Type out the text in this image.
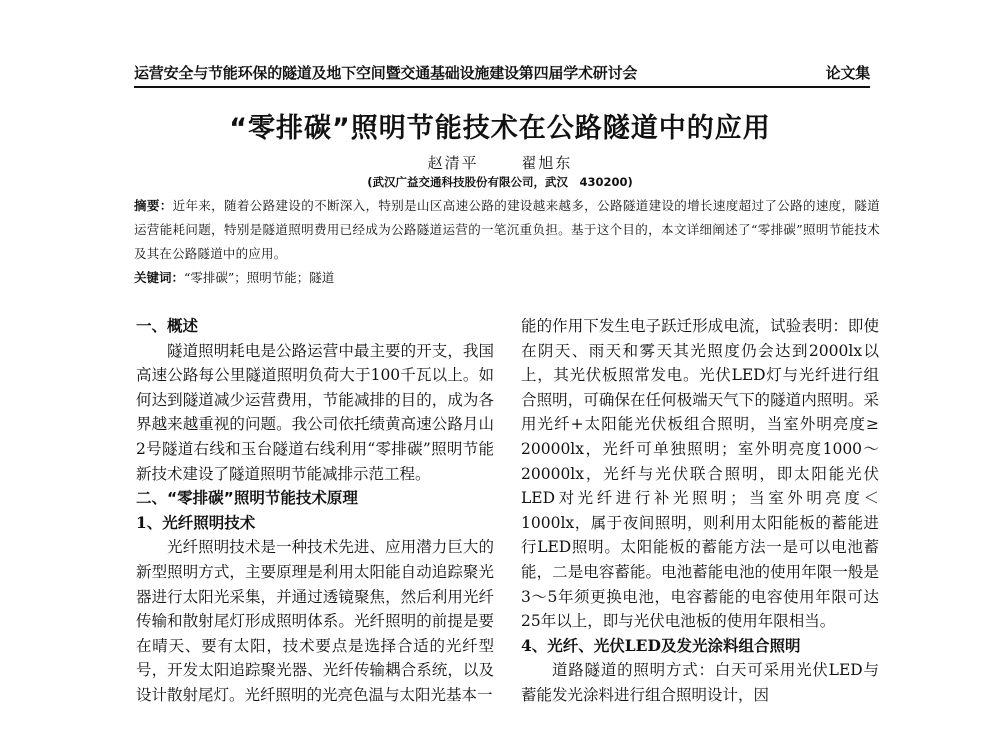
运营安全与节能环保的隧道及地下空间暨交通基础设施建设第四届学术研讨会	论文集
“零排碳”照明节能技术在公路隧道中的应用
赵清平	翟旭东
(武汉广益交通科技股份有限公司，武汉　430200)
摘要：近年来，随着公路建设的不断深入，特别是山区高速公路的建设越来越多，公路隧道建设的增长速度超过了公路的速度，隧道运营能耗问题，特别是隧道照明费用已经成为公路隧道运营的一笔沉重负担。基于这个目的，本文详细阐述了“零排碳”照明节能技术及其在公路隧道中的应用。
关键词：“零排碳”；照明节能；隧道
一、概述

隧道照明耗电是公路运营中最主要的开支，我国高速公路每公里隧道照明负荷大于100千瓦以上。如何达到隧道减少运营费用，节能减排的目的，成为各界越来越重视的问题。我公司依托绩黄高速公路月山2号隧道右线和玉台隧道右线利用“零排碳”照明节能新技术建设了隧道照明节能减排示范工程。

二、“零排碳”照明节能技术原理
1、光纤照明技术

光纤照明技术是一种技术先进、应用潜力巨大的新型照明方式，主要原理是利用太阳能自动追踪聚光器进行太阳光采集，并通过透镜聚焦，然后利用光纤传输和散射尾灯形成照明体系。光纤照明的前提是要在晴天、要有太阳，技术要点是选择合适的光纤型号，开发太阳追踪聚光器、光纤传输耦合系统，以及设计散射尾灯。光纤照明的光亮色温与太阳光基本一

能的作用下发生电子跃迁形成电流，试验表明：即使在阴天、雨天和雾天其光照度仍会达到2000lx以上，其光伏板照常发电。光伏LED灯与光纤进行组合照明，可确保在任何极端天气下的隧道内照明。采用光纤+太阳能光伏板组合照明，当室外明亮度≥ 20000lx，光纤可单独照明；室外明亮度1000～20000lx，光纤与光伏联合照明，即太阳能光伏LED对光纤进行补光照明；当室外明亮度＜ 1000lx，属于夜间照明，则利用太阳能板的蓄能进行LED照明。太阳能板的蓄能方法一是可以电池蓄能，二是电容蓄能。电池蓄能电池的使用年限一般是3～5年须更换电池，电容蓄能的电容使用年限可达25年以上，即与光伏电池板的使用年限相当。

4、光纤、光伏LED及发光涂料组合照明

道路隧道的照明方式：白天可采用光伏LED与蓄能发光涂料进行组合照明设计，因
